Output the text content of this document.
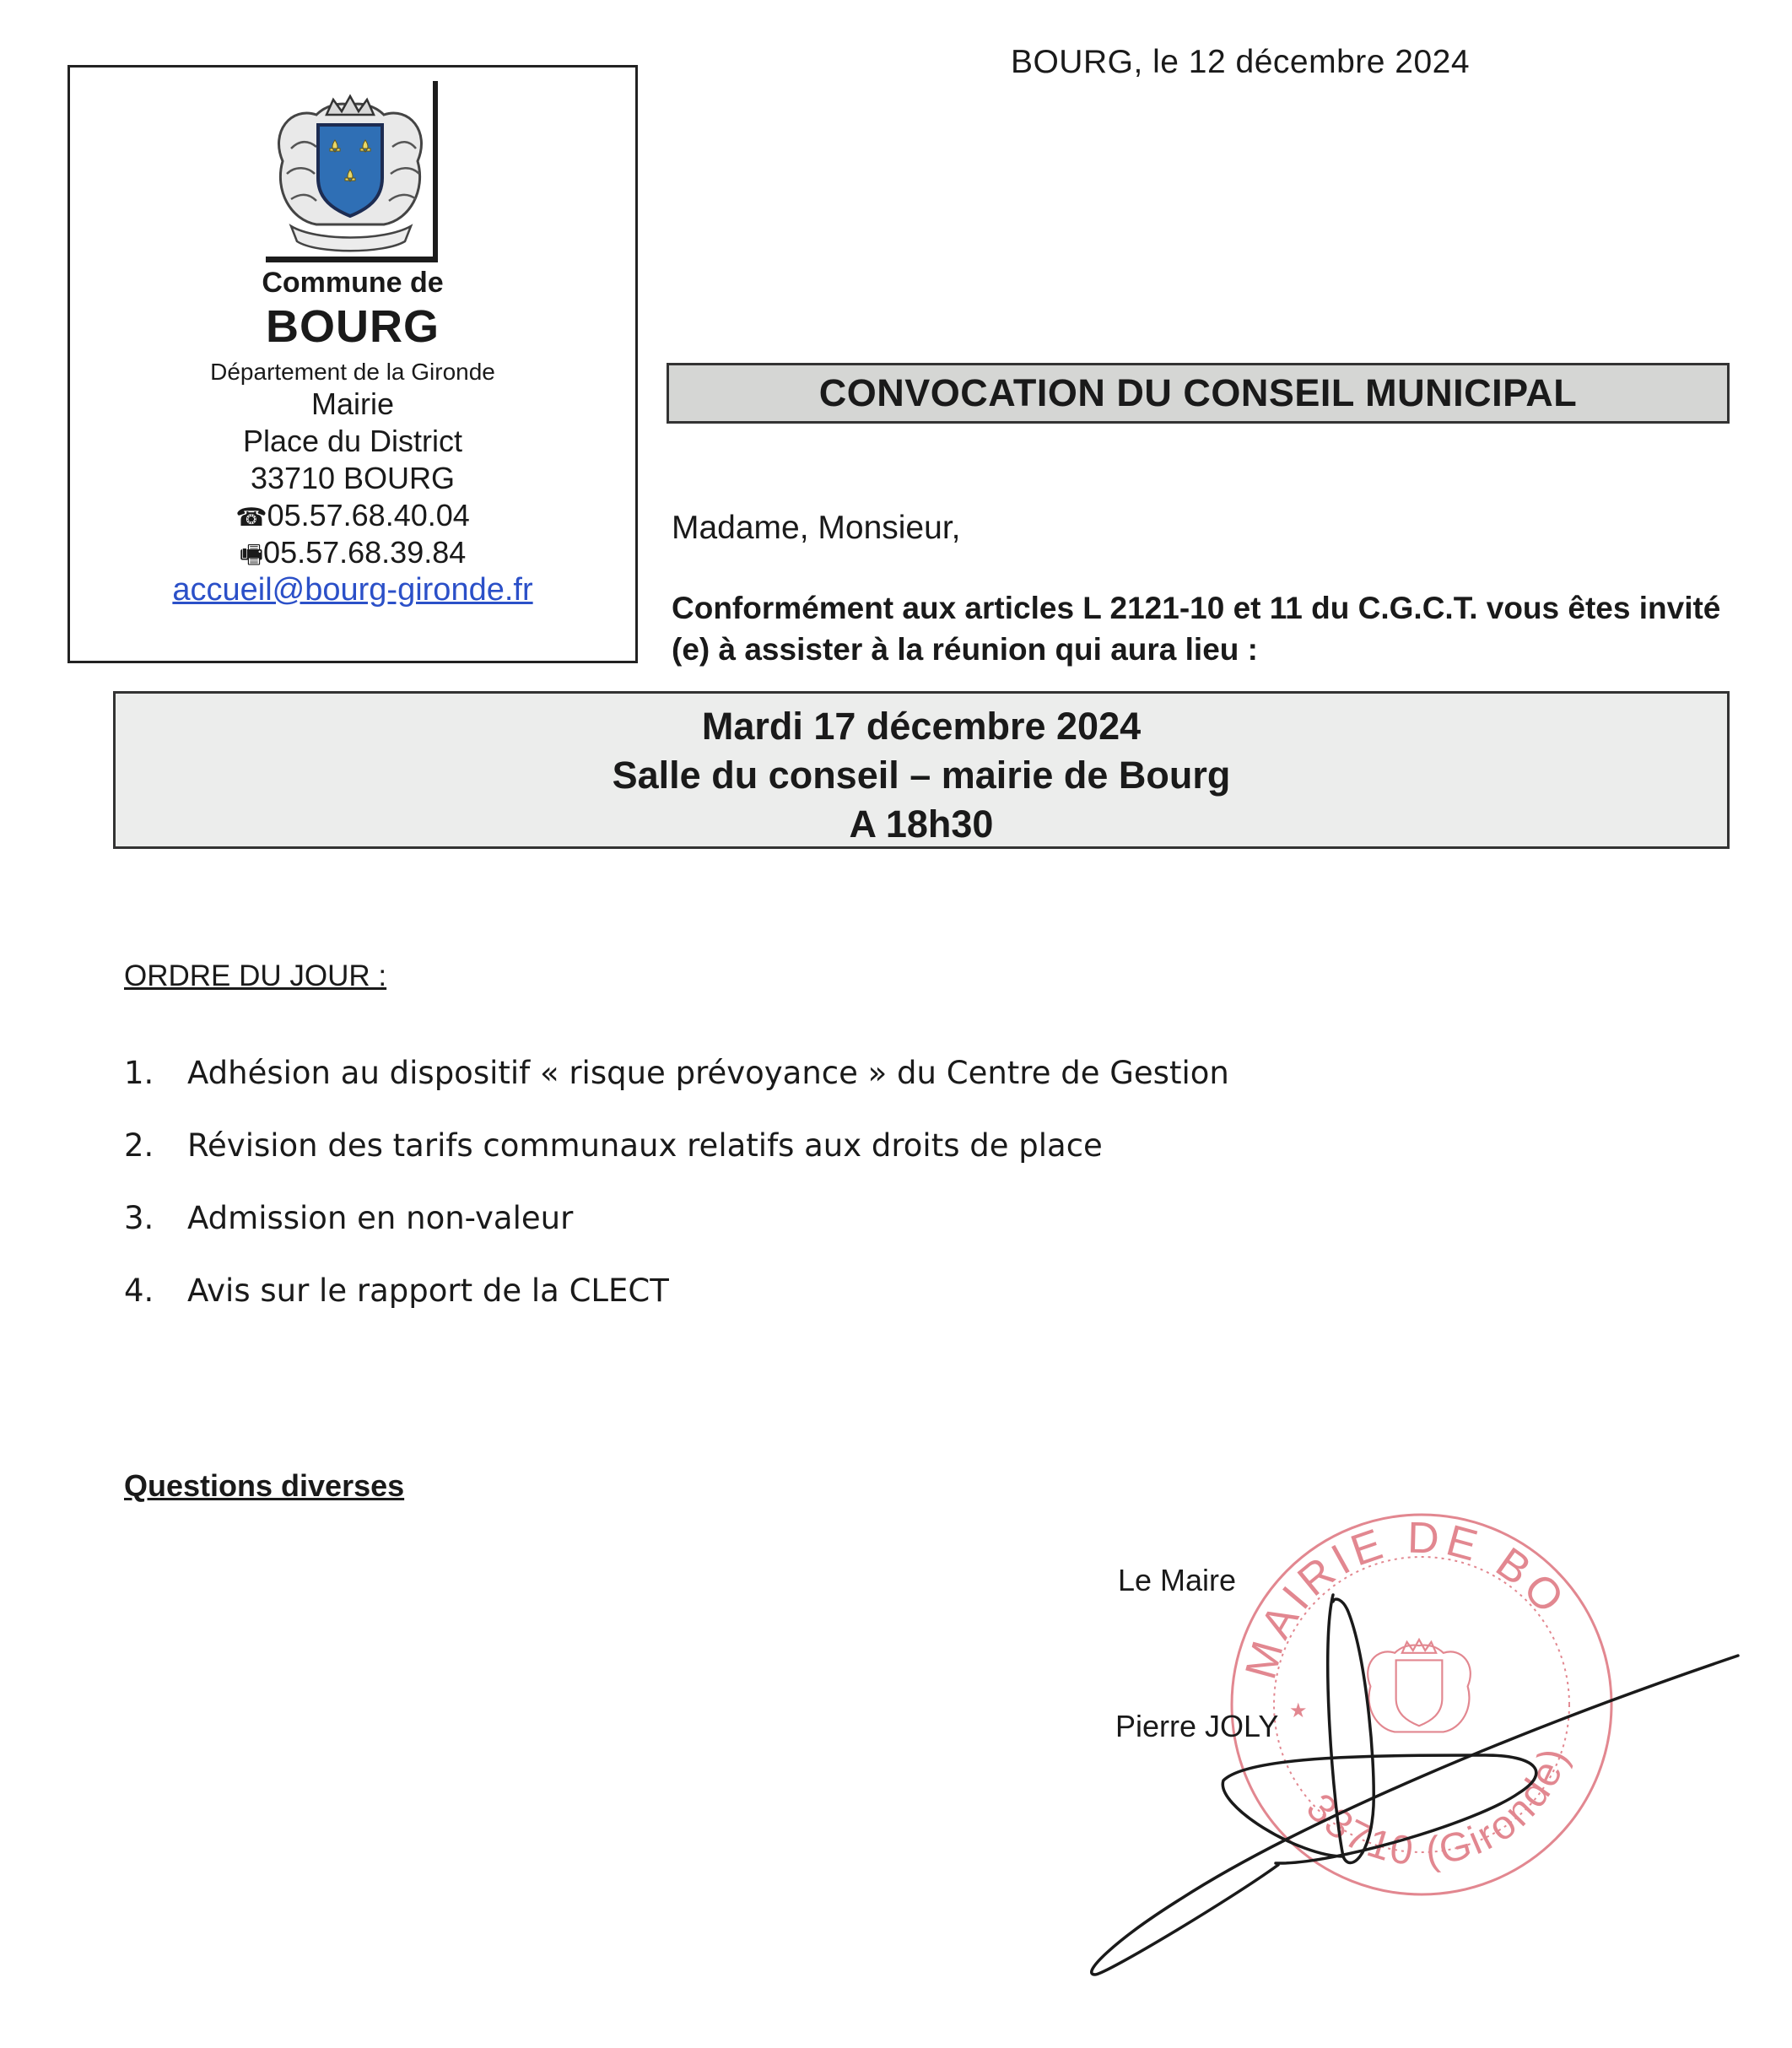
BOURG, le 12 décembre 2024
Commune de
BOURG
Département de la Gironde
Mairie
Place du District
33710 BOURG
☎05.57.68.40.04
🖷05.57.68.39.84
accueil@bourg-gironde.fr
CONVOCATION DU CONSEIL MUNICIPAL
Madame, Monsieur,
Conformément aux articles L 2121-10 et 11 du C.G.C.T. vous êtes invité (e) à assister à la réunion qui aura lieu :
Mardi 17 décembre 2024
Salle du conseil – mairie de Bourg
A 18h30
ORDRE DU JOUR :
1.	Adhésion au dispositif « risque prévoyance » du Centre de Gestion
2.	Révision des tarifs communaux relatifs aux droits de place
3.	Admission en non-valeur
4.	Avis sur le rapport de la CLECT
Questions diverses
MAIRIE DE BO
33710 (Gironde)
★
Le Maire
Pierre JOLY
